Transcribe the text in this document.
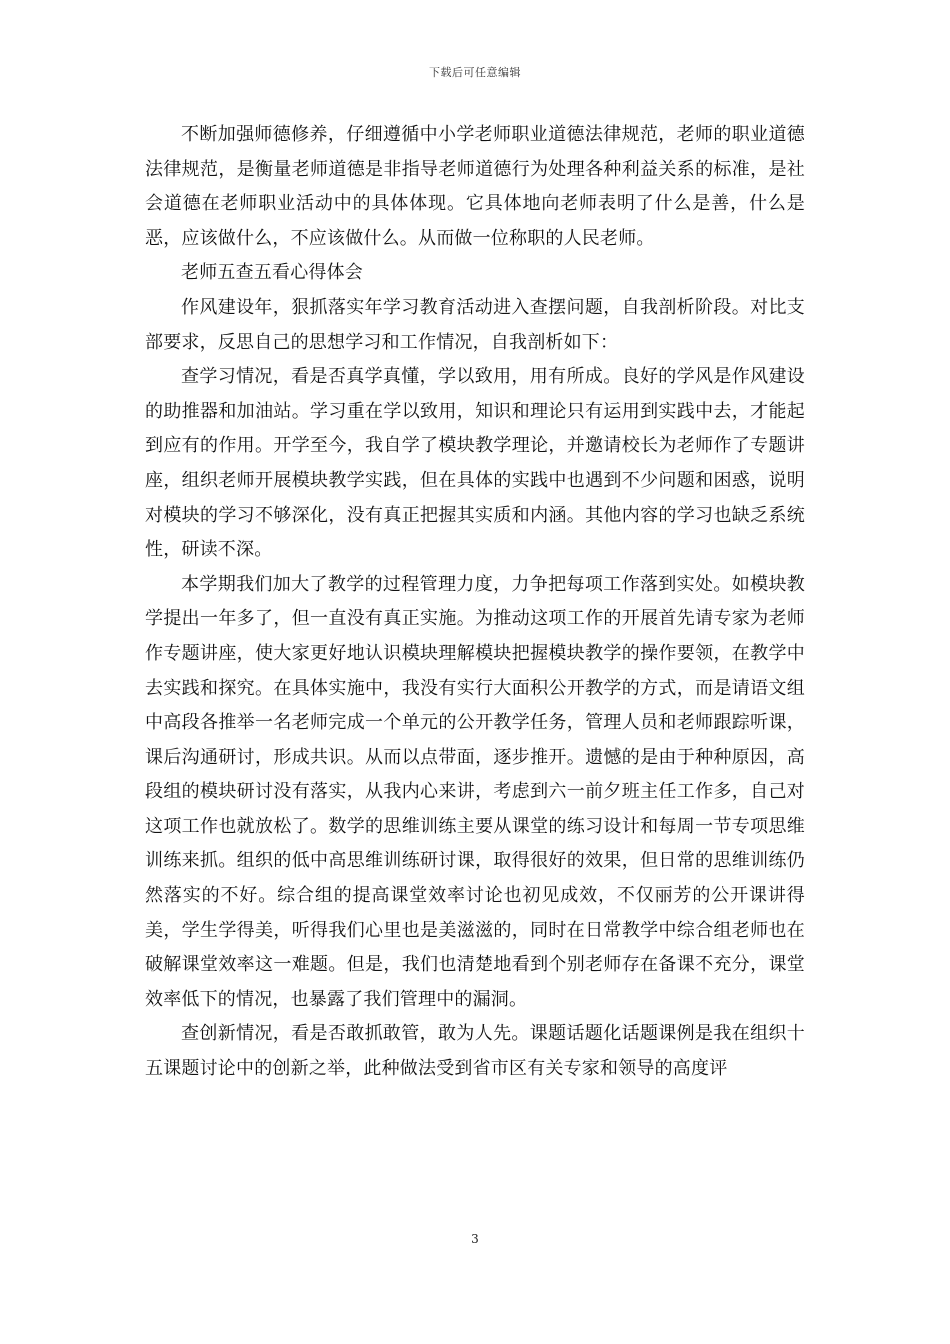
下载后可任意编辑

不断加强师德修养，仔细遵循中小学老师职业道德法律规范，老师的职业道德法律规范，是衡量老师道德是非指导老师道德行为处理各种利益关系的标准，是社会道德在老师职业活动中的具体体现。它具体地向老师表明了什么是善，什么是恶，应该做什么，不应该做什么。从而做一位称职的人民老师。

老师五查五看心得体会

作风建设年，狠抓落实年学习教育活动进入查摆问题，自我剖析阶段。对比支部要求，反思自己的思想学习和工作情况，自我剖析如下：

查学习情况，看是否真学真懂，学以致用，用有所成。良好的学风是作风建设的助推器和加油站。学习重在学以致用，知识和理论只有运用到实践中去，才能起到应有的作用。开学至今，我自学了模块教学理论，并邀请校长为老师作了专题讲座，组织老师开展模块教学实践，但在具体的实践中也遇到不少问题和困惑，说明对模块的学习不够深化，没有真正把握其实质和内涵。其他内容的学习也缺乏系统性，研读不深。

本学期我们加大了教学的过程管理力度，力争把每项工作落到实处。如模块教学提出一年多了，但一直没有真正实施。为推动这项工作的开展首先请专家为老师作专题讲座，使大家更好地认识模块理解模块把握模块教学的操作要领，在教学中去实践和探究。在具体实施中，我没有实行大面积公开教学的方式，而是请语文组中高段各推举一名老师完成一个单元的公开教学任务，管理人员和老师跟踪听课，课后沟通研讨，形成共识。从而以点带面，逐步推开。遗憾的是由于种种原因，高段组的模块研讨没有落实，从我内心来讲，考虑到六一前夕班主任工作多，自己对这项工作也就放松了。数学的思维训练主要从课堂的练习设计和每周一节专项思维训练来抓。组织的低中高思维训练研讨课，取得很好的效果，但日常的思维训练仍然落实的不好。综合组的提高课堂效率讨论也初见成效，不仅丽芳的公开课讲得美，学生学得美，听得我们心里也是美滋滋的，同时在日常教学中综合组老师也在破解课堂效率这一难题。但是，我们也清楚地看到个别老师存在备课不充分，课堂效率低下的情况，也暴露了我们管理中的漏洞。

查创新情况，看是否敢抓敢管，敢为人先。课题话题化话题课例是我在组织十五课题讨论中的创新之举，此种做法受到省市区有关专家和领导的高度评

3
